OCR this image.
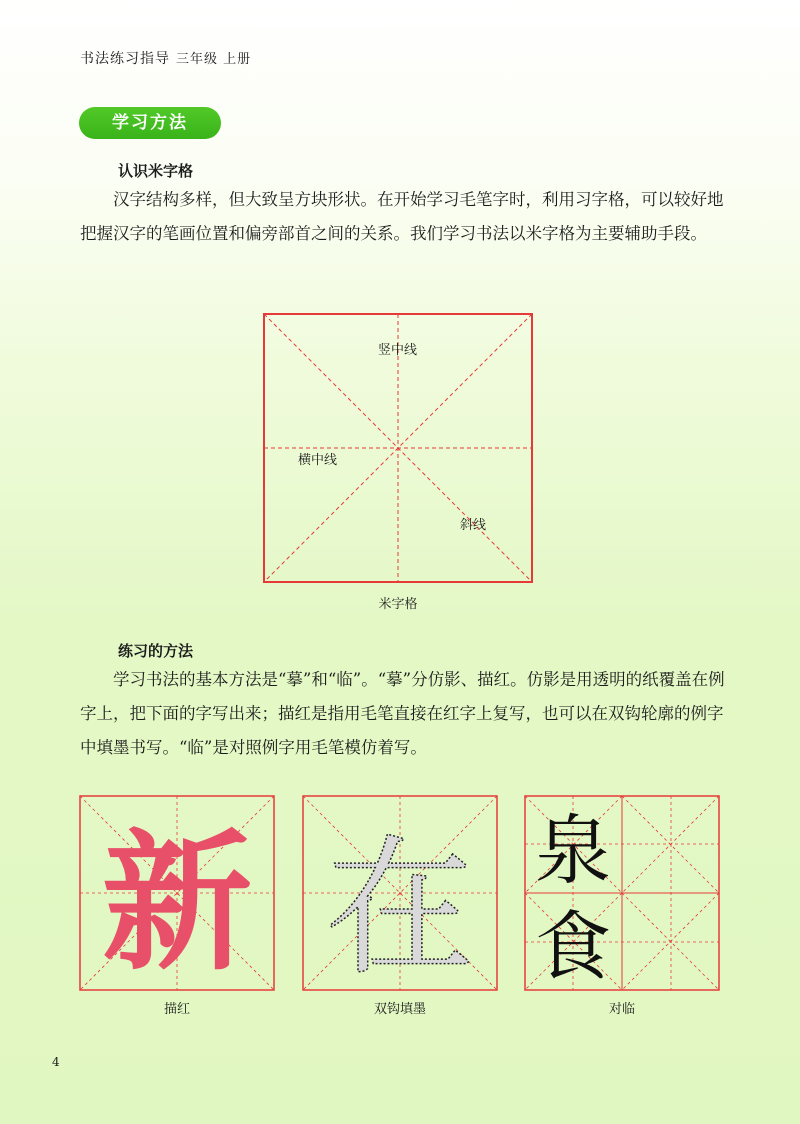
书法练习指导 三年级 上册
学习方法
认识米字格

汉字结构多样，但大致呈方块形状。在开始学习毛笔字时，利用习字格，可以较好地把握汉字的笔画位置和偏旁部首之间的关系。我们学习书法以米字格为主要辅助手段。

竖中线
横中线
斜线
米字格
练习的方法

学习书法的基本方法是“摹”和“临”。“摹”分仿影、描红。仿影是用透明的纸覆盖在例字上，把下面的字写出来；描红是指用毛笔直接在红字上复写，也可以在双钩轮廓的例字中填墨书写。“临”是对照例字用毛笔模仿着写。

新
描红
在
双钩填墨
泉
食
对临
4
